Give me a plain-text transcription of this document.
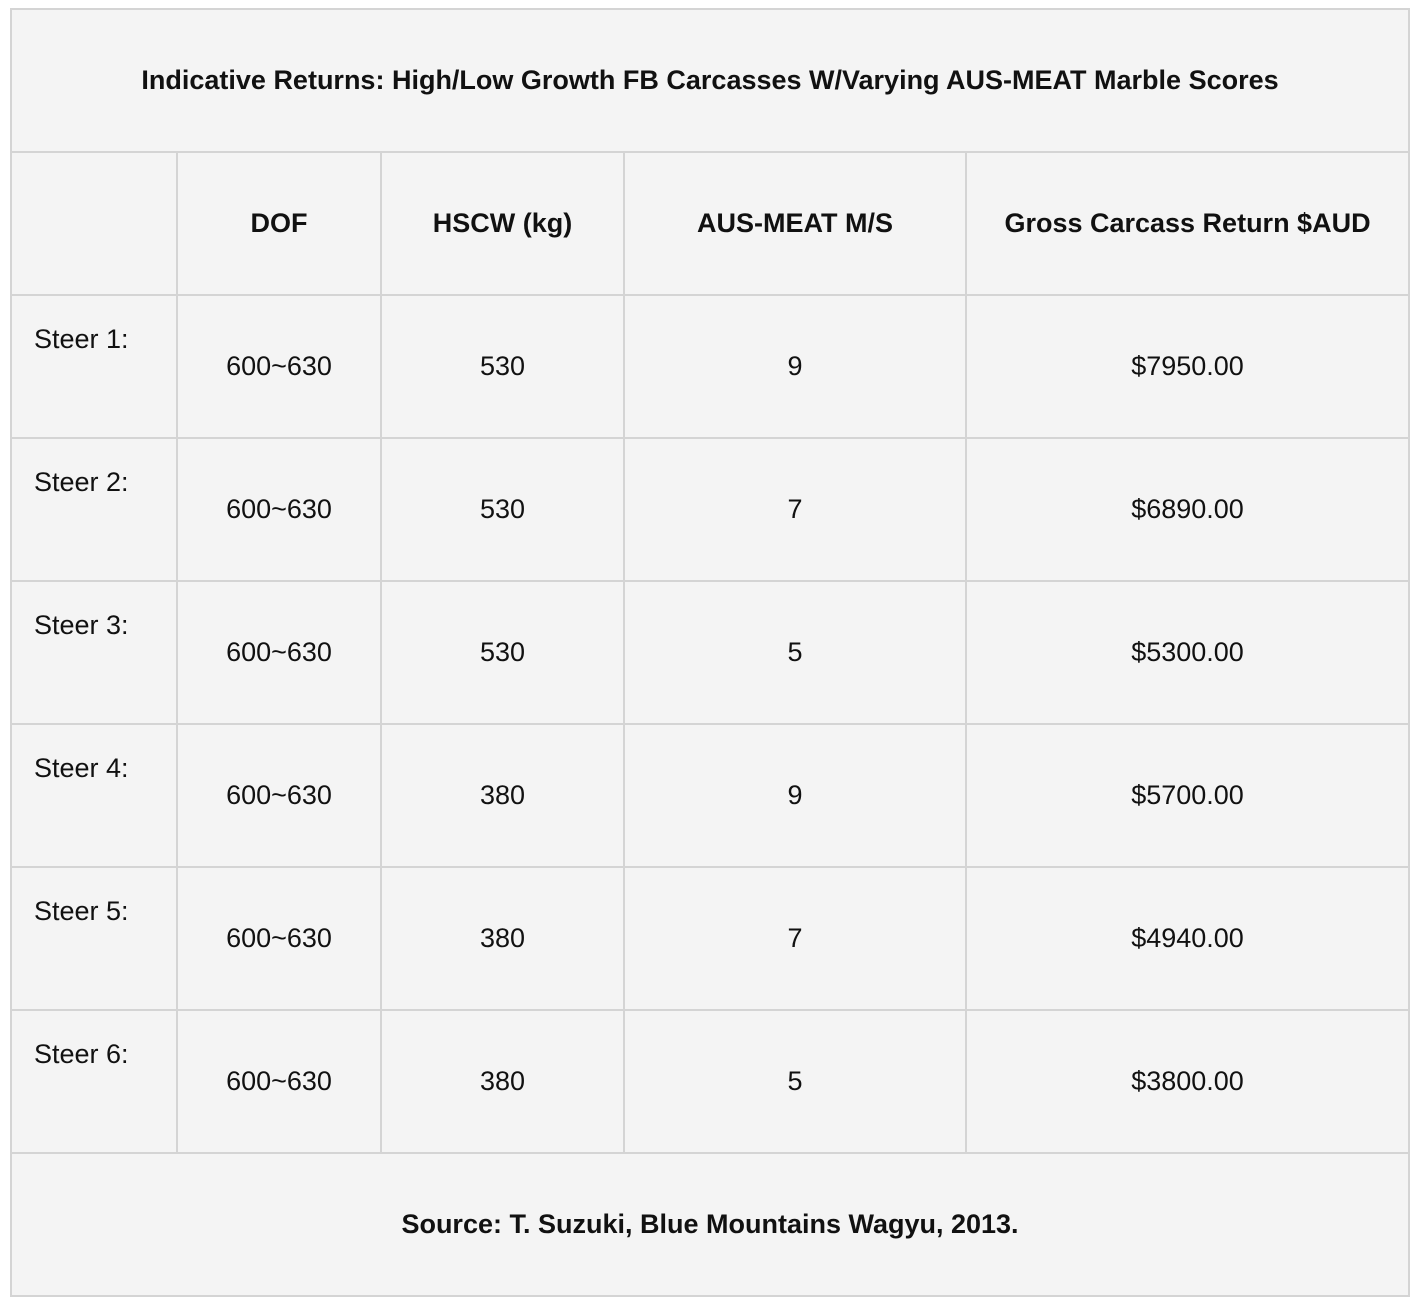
Indicative Returns: High/Low Growth FB Carcasses W/Varying AUS-MEAT Marble Scores				
	DOF	HSCW (kg)	AUS-MEAT M/S	Gross Carcass Return $AUD
Steer 1:	600~630	530	9	$7950.00
Steer 2:	600~630	530	7	$6890.00
Steer 3:	600~630	530	5	$5300.00
Steer 4:	600~630	380	9	$5700.00
Steer 5:	600~630	380	7	$4940.00
Steer 6:	600~630	380	5	$3800.00
Source: T. Suzuki, Blue Mountains Wagyu, 2013.				
